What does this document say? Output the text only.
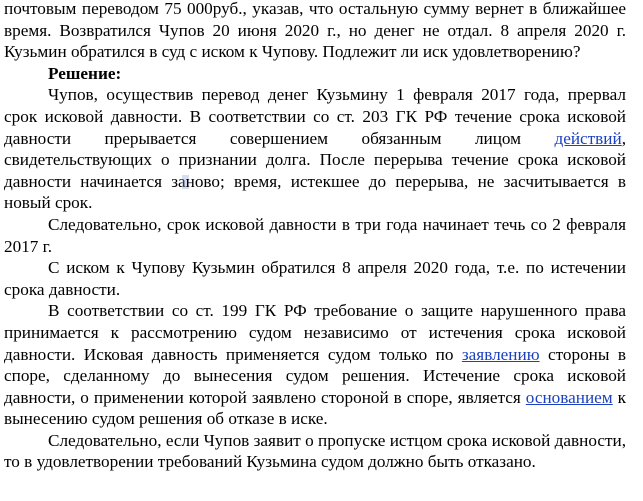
почтовым переводом 75 000руб., указав, что остальную сумму вернет в ближайшее время. Возвратился Чупов 20 июня 2020 г., но денег не отдал. 8 апреля 2020 г. Кузьмин обратился в суд с иском к Чупову. Подлежит ли иск удовлетворению?

Решение:

Чупов, осуществив перевод денег Кузьмину 1 февраля 2017 года, прервал срок исковой давности. В соответствии со ст. 203 ГК РФ течение срока исковой давности прерывается совершением обязанным лицом действий, свидетельствующих о признании долга. После перерыва течение срока исковой давности начинается заново; время, истекшее до перерыва, не засчитывается в новый срок.

Следовательно, срок исковой давности в три года начинает течь со 2 февраля 2017 г.

С иском к Чупову Кузьмин обратился 8 апреля 2020 года, т.е. по истечении срока давности.

В соответствии со ст. 199 ГК РФ требование о защите нарушенного права принимается к рассмотрению судом независимо от истечения срока исковой давности. Исковая давность применяется судом только по заявлению стороны в споре, сделанному до вынесения судом решения. Истечение срока исковой давности, о применении которой заявлено стороной в споре, является основанием к вынесению судом решения об отказе в иске.

Следовательно, если Чупов заявит о пропуске истцом срока исковой давности, то в удовлетворении требований Кузьмина судом должно быть отказано.
